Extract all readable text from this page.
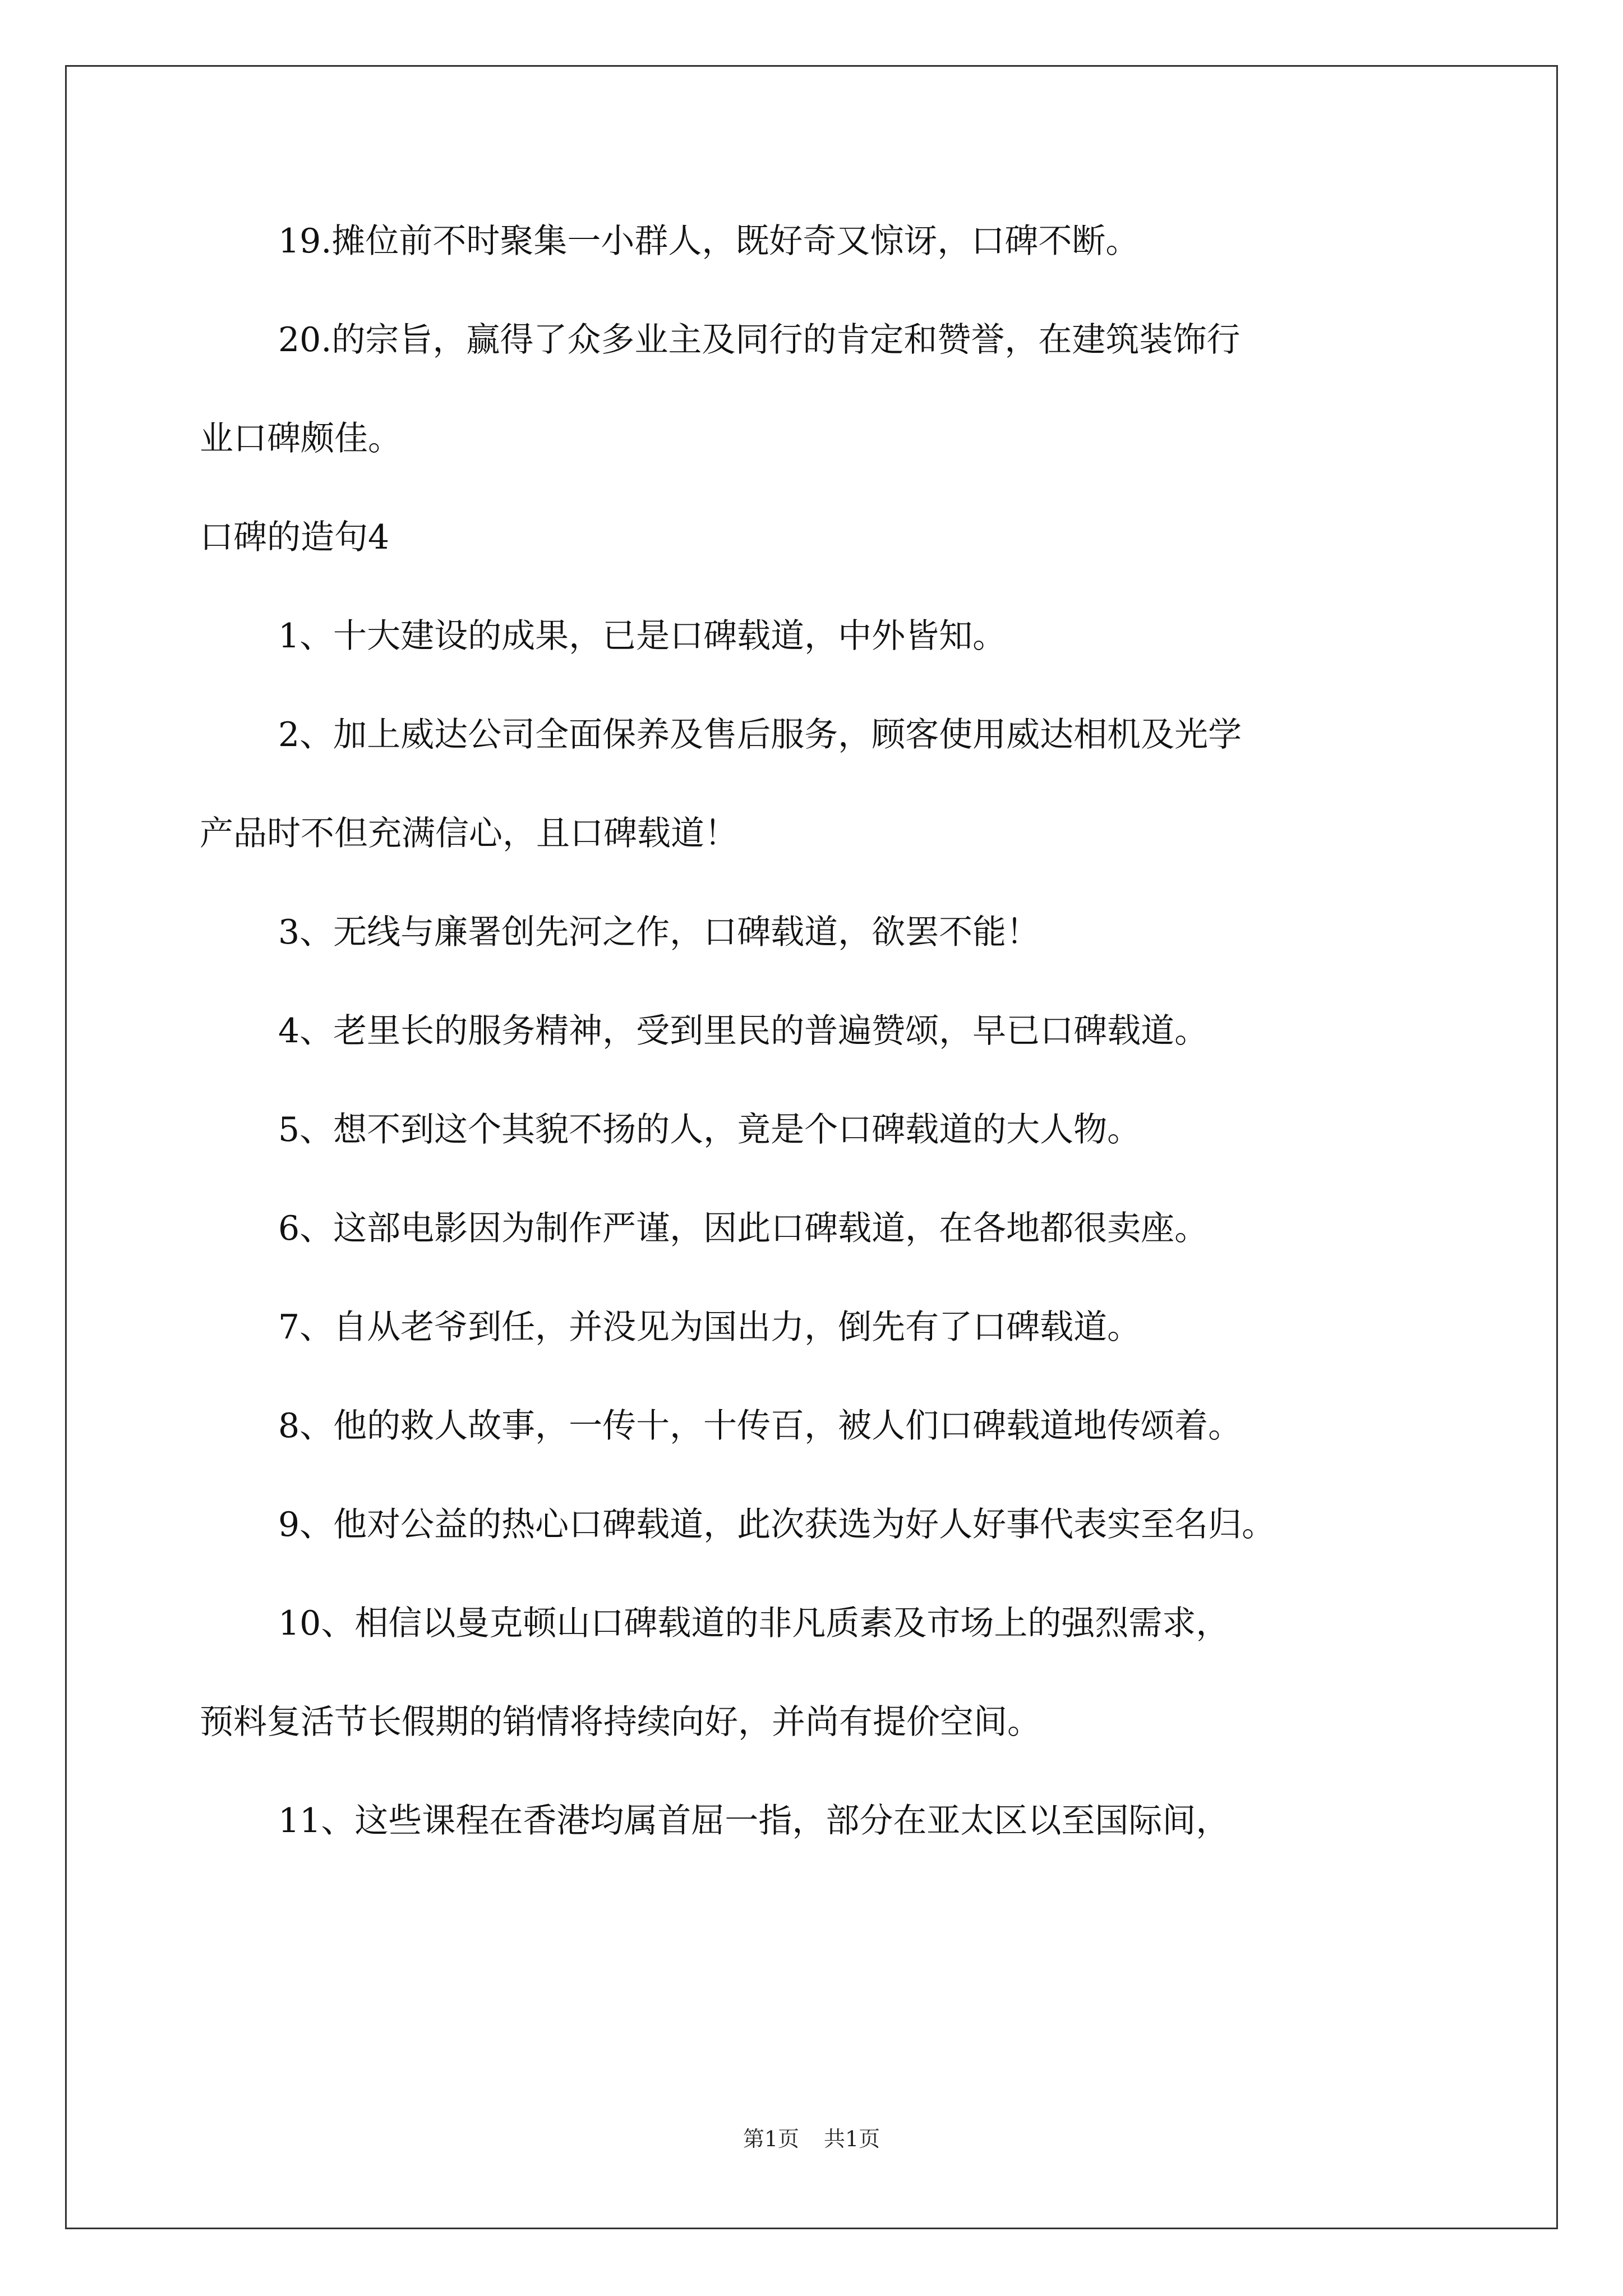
19.摊位前不时聚集一小群人，既好奇又惊讶，口碑不断。

20.的宗旨，赢得了众多业主及同行的肯定和赞誉，在建筑装饰行

业口碑颇佳。

口碑的造句4

1、十大建设的成果，已是口碑载道，中外皆知。

2、加上威达公司全面保养及售后服务，顾客使用威达相机及光学

产品时不但充满信心，且口碑载道！

3、无线与廉署创先河之作，口碑载道，欲罢不能！

4、老里长的服务精神，受到里民的普遍赞颂，早已口碑载道。

5、想不到这个其貌不扬的人，竟是个口碑载道的大人物。

6、这部电影因为制作严谨，因此口碑载道，在各地都很卖座。

7、自从老爷到任，并没见为国出力，倒先有了口碑载道。

8、他的救人故事，一传十，十传百，被人们口碑载道地传颂着。

9、他对公益的热心口碑载道，此次获选为好人好事代表实至名归。

10、相信以曼克顿山口碑载道的非凡质素及市场上的强烈需求，

预料复活节长假期的销情将持续向好，并尚有提价空间。

11、这些课程在香港均属首屈一指，部分在亚太区以至国际间，

第1页 共1页
